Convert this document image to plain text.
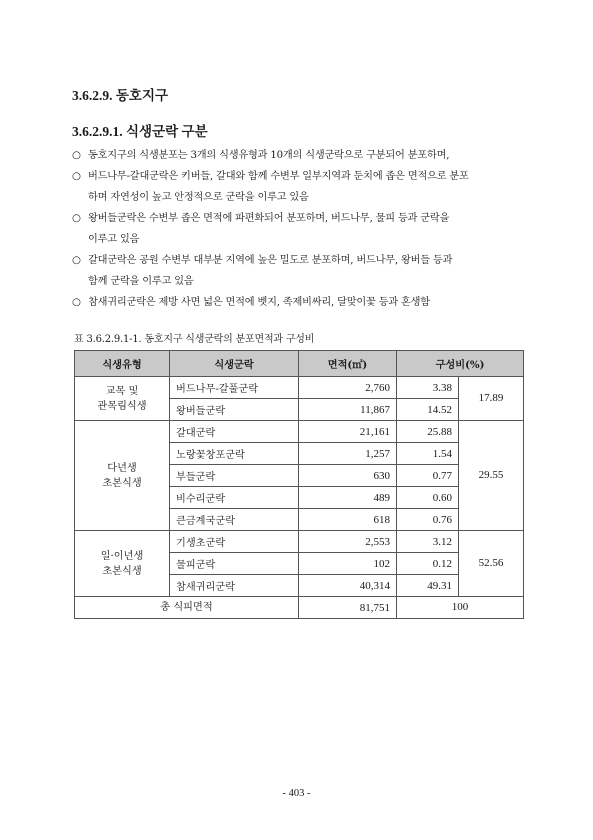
3.6.2.9. 동호지구
3.6.2.9.1. 식생군락 구분
○ 동호지구의 식생분포는 3개의 식생유형과 10개의 식생군락으로 구분되어 분포하며,
○ 버드나무-갈대군락은 키버들, 갈대와 함께 수변부 일부지역과 둔치에 좁은 면적으로 분포
하며 자연성이 높고 안정적으로 군락을 이루고 있음
○ 왕버들군락은 수변부 좁은 면적에 파편화되어 분포하며, 버드나무, 물피 등과 군락을
이루고 있음
○ 갈대군락은 공원 수변부 대부분 지역에 높은 밀도로 분포하며, 버드나무, 왕버들 등과
함께 군락을 이루고 있음
○ 참새귀리군락은 제방 사면 넓은 면적에 벳지, 족제비싸리, 달맞이꽃 등과 혼생함
표 3.6.2.9.1-1. 동호지구 식생군락의 분포면적과 구성비
식생유형	식생군락	면적(㎡)	구성비(%)	

교목 및
관목림식생	버드나무-갈풀군락	2,760	3.38	17.89
	왕버들군락	11,867	14.52	

다년생
초본식생	갈대군락	21,161	25.88	29.55
	노랑꽃창포군락	1,257	1.54	
	부들군락	630	0.77	
	비수리군락	489	0.60	
	큰금계국군락	618	0.76	

일·이년생
초본식생	기생초군락	2,553	3.12	52.56
	물피군락	102	0.12	
	참새귀리군락	40,314	49.31	
총 식피면적		81,751	100	
- 403 -
